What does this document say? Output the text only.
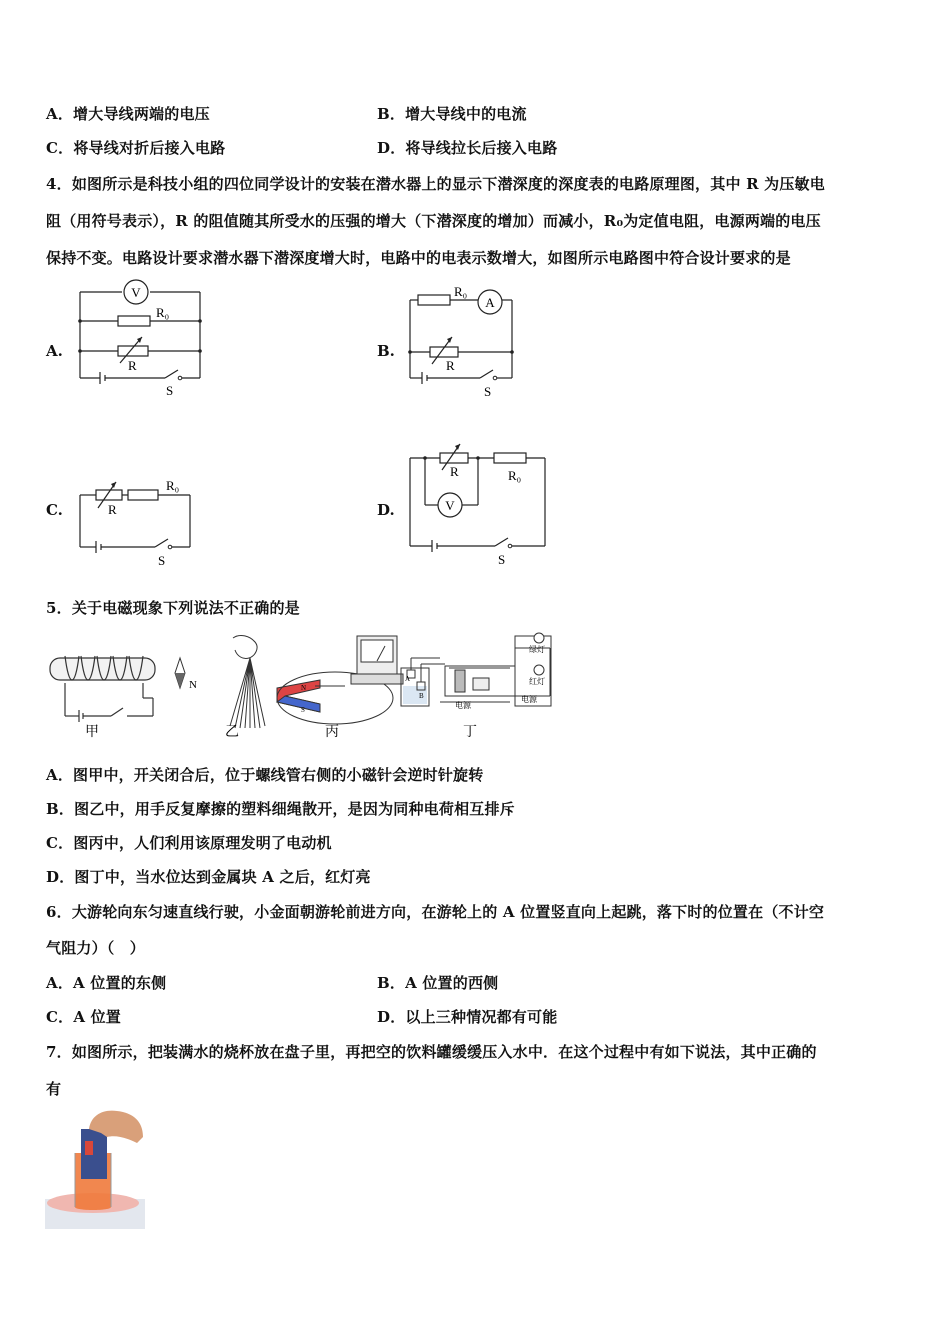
A．增大导线两端的电压	B．增大导线中的电流
C．将导线对折后接入电路	D．将导线拉长后接入电路
4．如图所示是科技小组的四位同学设计的安装在潜水器上的显示下潜深度的深度表的电路原理图，其中 R 为压敏电
阻（用符号表示），R 的阻值随其所受水的压强的增大（下潜深度的增加）而减小，R₀为定值电阻，电源两端的电压
保持不变。电路设计要求潜水器下潜深度增大时，电路中的电表示数增大，如图所示电路图中符合设计要求的是
A.
V
R₀
R
S
B.
A
R₀
R
S
C.
R₀
R
S
D.	V
R₀
R
S
5．关于电磁现象下列说法不正确的是
甲
N
乙
N
S
丙
A
B
绿灯
红灯
电源
电源
丁
A．图甲中，开关闭合后，位于螺线管右侧的小磁针会逆时针旋转
B．图乙中，用手反复摩擦的塑料细绳散开，是因为同种电荷相互排斥
C．图丙中，人们利用该原理发明了电动机
D．图丁中，当水位达到金属块 A 之后，红灯亮
6．大游轮向东匀速直线行驶，小金面朝游轮前进方向，在游轮上的 A 位置竖直向上起跳，落下时的位置在（不计空
气阻力）（　）
A．A 位置的东侧	B．A 位置的西侧
C．A 位置	D．以上三种情况都有可能
7．如图所示，把装满水的烧杯放在盘子里，再把空的饮料罐缓缓压入水中．在这个过程中有如下说法，其中正确的
有
